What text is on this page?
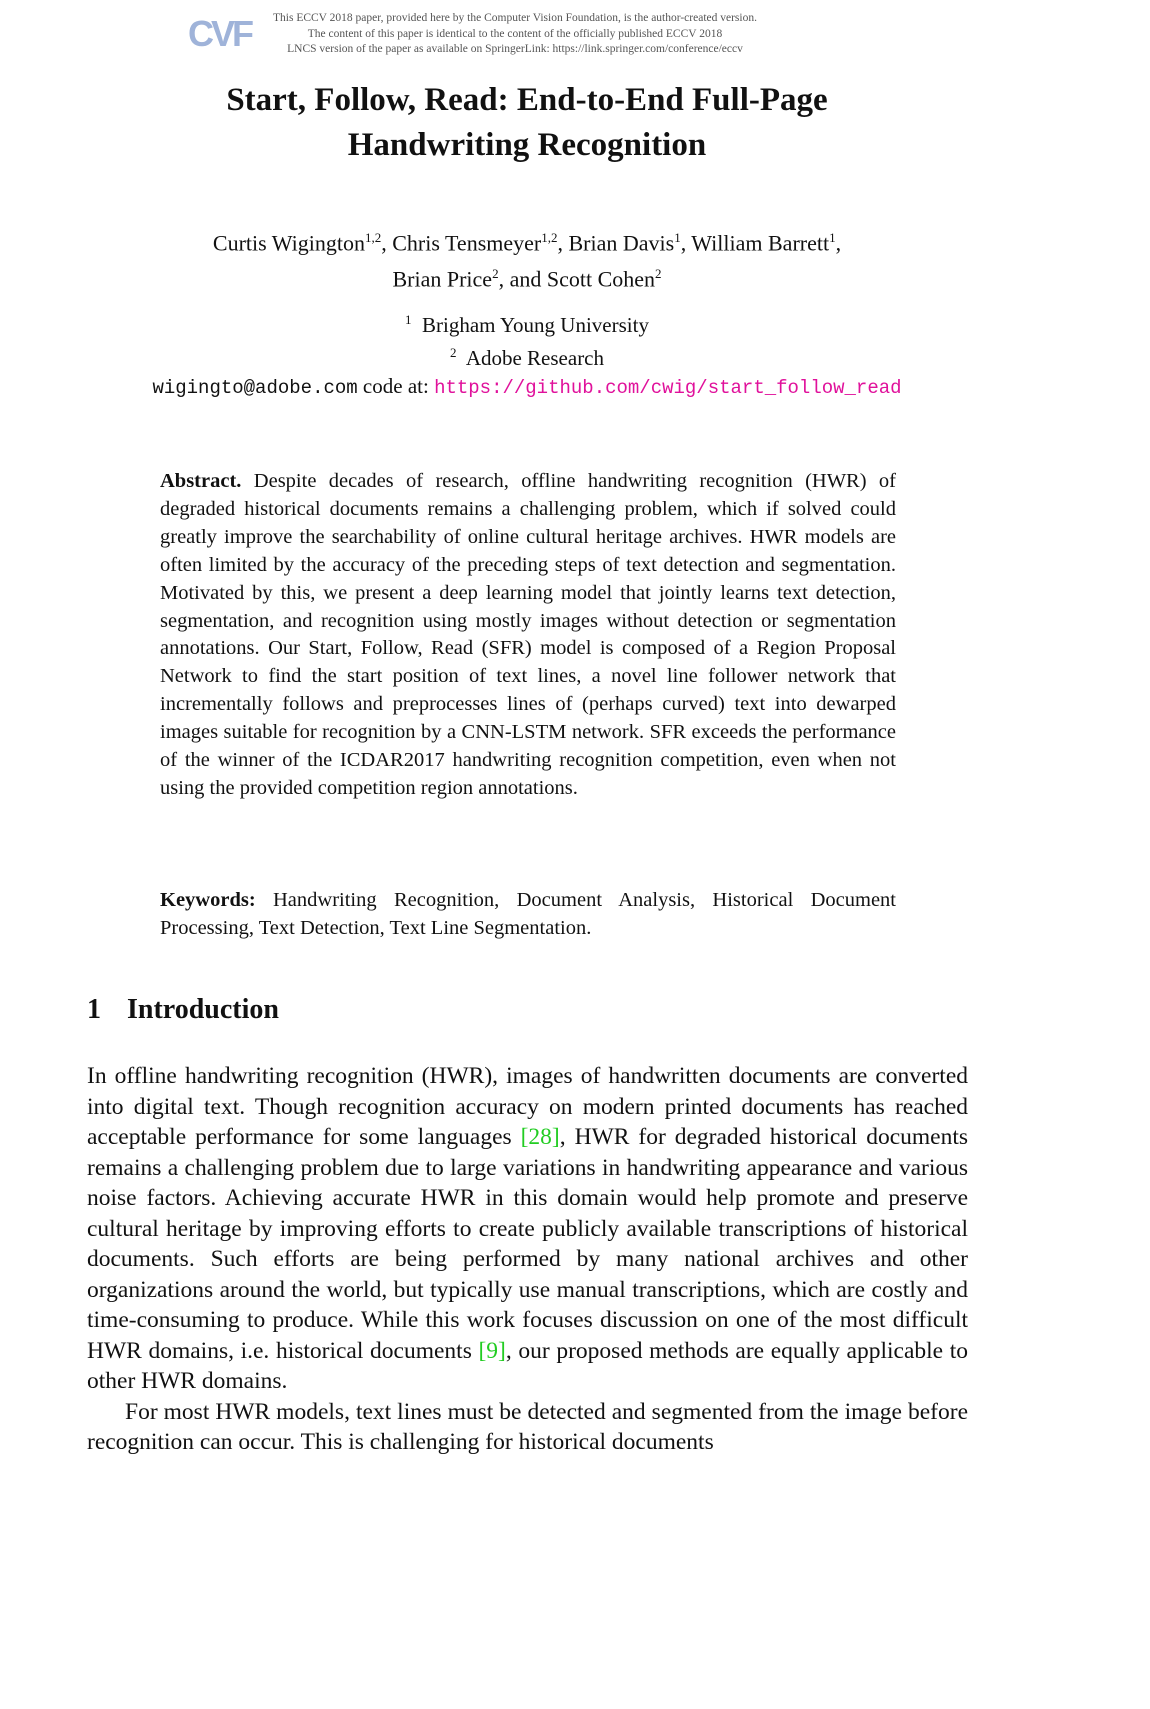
CVF	This ECCV 2018 paper, provided here by the Computer Vision Foundation, is the author-created version.
The content of this paper is identical to the content of the officially published ECCV 2018
LNCS version of the paper as available on SpringerLink: https://link.springer.com/conference/eccv
Start, Follow, Read: End-to-End Full-Page
Handwriting Recognition
Curtis Wigington$^{1,2}$, Chris Tensmeyer$^{1,2}$, Brian Davis$^1$, William Barrett$^1$,
Brian Price$^2$, and Scott Cohen$^2$
$^1$ Brigham Young University
$^2$ Adobe Research
wigingto@adobe.com code at: https://github.com/cwig/start_follow_read
Abstract. Despite decades of research, offline handwriting recognition (HWR) of degraded historical documents remains a challenging problem, which if solved could greatly improve the searchability of online cultural heritage archives. HWR models are often limited by the accuracy of the preceding steps of text detection and segmentation. Motivated by this, we present a deep learning model that jointly learns text detection, segmentation, and recognition using mostly images without detection or segmentation annotations. Our Start, Follow, Read (SFR) model is composed of a Region Proposal Network to find the start position of text lines, a novel line follower network that incrementally follows and preprocesses lines of (perhaps curved) text into dewarped images suitable for recognition by a CNN-LSTM network. SFR exceeds the performance of the winner of the ICDAR2017 handwriting recognition competition, even when not using the provided competition region annotations.
Keywords: Handwriting Recognition, Document Analysis, Historical Document Processing, Text Detection, Text Line Segmentation.
1 Introduction

In offline handwriting recognition (HWR), images of handwritten documents are converted into digital text. Though recognition accuracy on modern printed documents has reached acceptable performance for some languages [28], HWR for degraded historical documents remains a challenging problem due to large variations in handwriting appearance and various noise factors. Achieving accurate HWR in this domain would help promote and preserve cultural heritage by improving efforts to create publicly available transcriptions of historical documents. Such efforts are being performed by many national archives and other organizations around the world, but typically use manual transcriptions, which are costly and time-consuming to produce. While this work focuses discussion on one of the most difficult HWR domains, i.e. historical documents [9], our proposed methods are equally applicable to other HWR domains.

For most HWR models, text lines must be detected and segmented from the image before recognition can occur. This is challenging for historical documents
